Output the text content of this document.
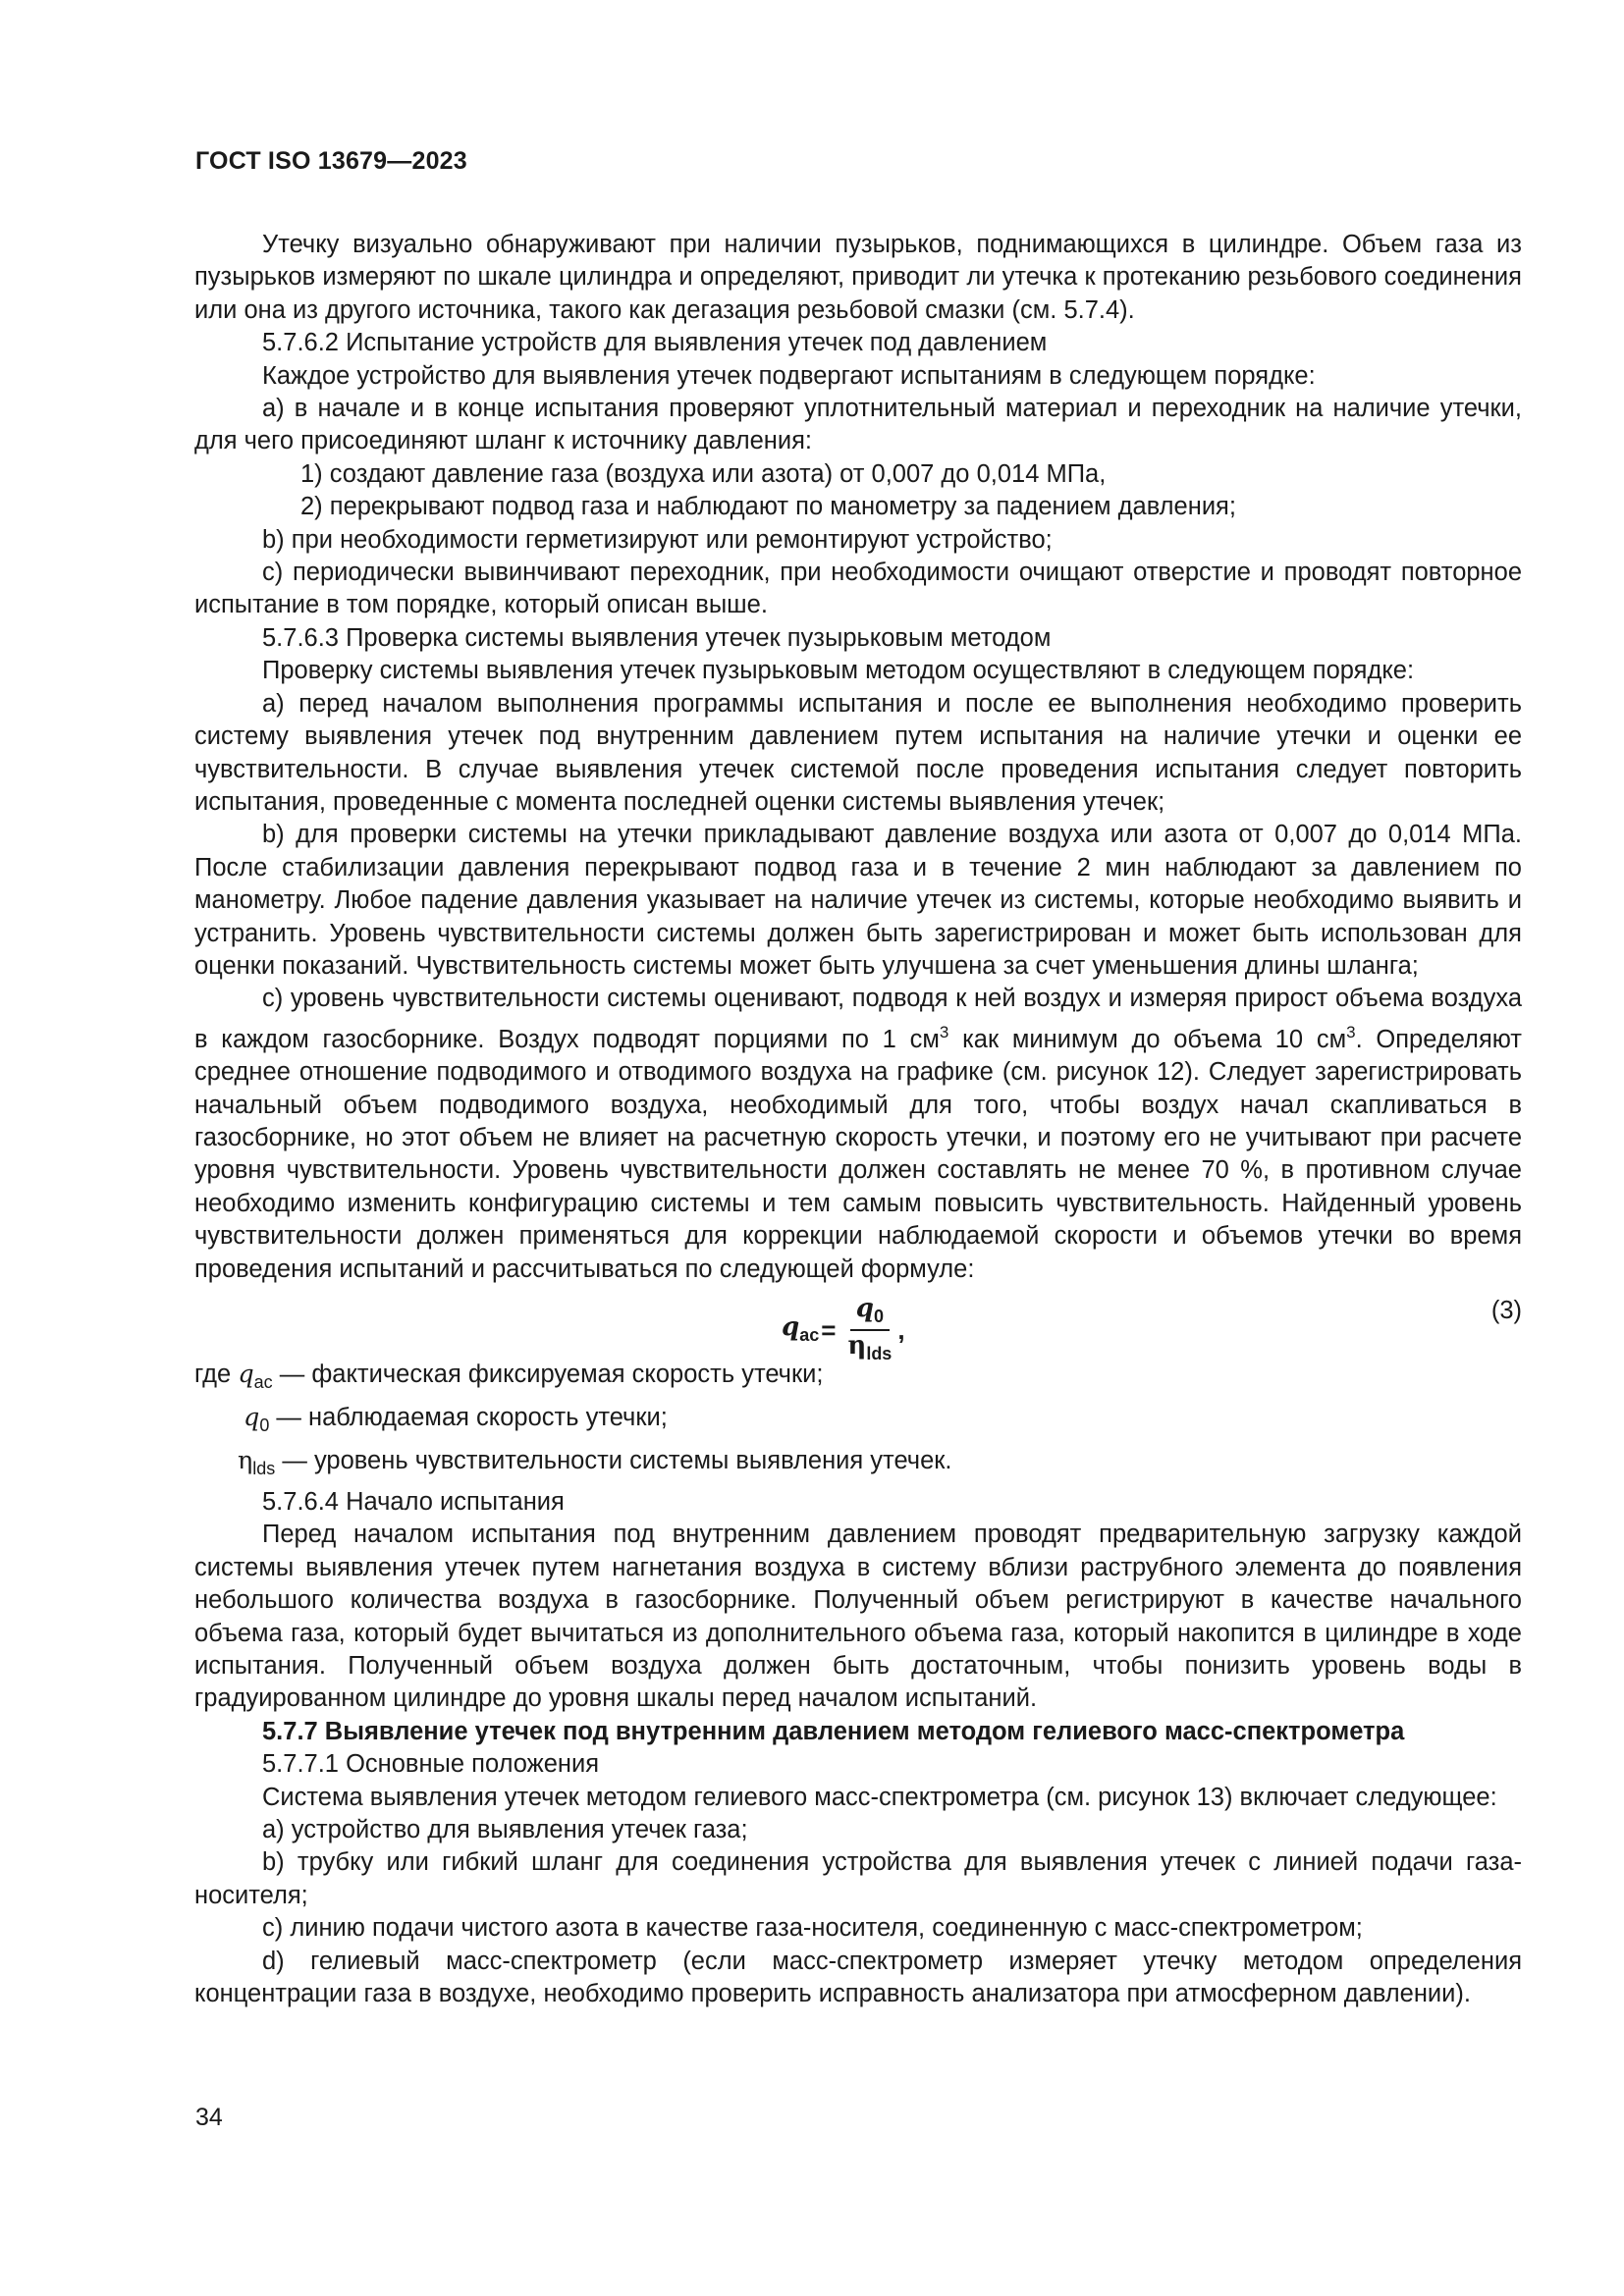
ГОСТ ISO 13679—2023

Утечку визуально обнаруживают при наличии пузырьков, поднимающихся в цилиндре. Объем газа из пузырьков измеряют по шкале цилиндра и определяют, приводит ли утечка к протеканию резьбового соединения или она из другого источника, такого как дегазация резьбовой смазки (см. 5.7.4).

5.7.6.2 Испытание устройств для выявления утечек под давлением

Каждое устройство для выявления утечек подвергают испытаниям в следующем порядке:

a) в начале и в конце испытания проверяют уплотнительный материал и переходник на наличие утечки, для чего присоединяют шланг к источнику давления:

1) создают давление газа (воздуха или азота) от 0,007 до 0,014 МПа,

2) перекрывают подвод газа и наблюдают по манометру за падением давления;

b) при необходимости герметизируют или ремонтируют устройство;

c) периодически вывинчивают переходник, при необходимости очищают отверстие и проводят повторное испытание в том порядке, который описан выше.

5.7.6.3 Проверка системы выявления утечек пузырьковым методом

Проверку системы выявления утечек пузырьковым методом осуществляют в следующем порядке:

a) перед началом выполнения программы испытания и после ее выполнения необходимо проверить систему выявления утечек под внутренним давлением путем испытания на наличие утечки и оценки ее чувствительности. В случае выявления утечек системой после проведения испытания следует повторить испытания, проведенные с момента последней оценки системы выявления утечек;

b) для проверки системы на утечки прикладывают давление воздуха или азота от 0,007 до 0,014 МПа. После стабилизации давления перекрывают подвод газа и в течение 2 мин наблюдают за давлением по манометру. Любое падение давления указывает на наличие утечек из системы, которые необходимо выявить и устранить. Уровень чувствительности системы должен быть зарегистрирован и может быть использован для оценки показаний. Чувствительность системы может быть улучшена за счет уменьшения длины шланга;

c) уровень чувствительности системы оценивают, подводя к ней воздух и измеряя прирост объема воздуха в каждом газосборнике. Воздух подводят порциями по 1 $см^3$ как минимум до объема 10 $см^3$. Определяют среднее отношение подводимого и отводимого воздуха на графике (см. рисунок 12). Следует зарегистрировать начальный объем подводимого воздуха, необходимый для того, чтобы воздух начал скапливаться в газосборнике, но этот объем не влияет на расчетную скорость утечки, и поэтому его не учитывают при расчете уровня чувствительности. Уровень чувствительности должен составлять не менее 70 %, в противном случае необходимо изменить конфигурацию системы и тем самым повысить чувствительность. Найденный уровень чувствительности должен применяться для коррекции наблюдаемой скорости и объемов утечки во время проведения испытаний и рассчитываться по следующей формуле:

$q_{ac} = \frac{q_0}{\eta_{lds}}$ ,
(3)

где $q_{ac}$ — фактическая фиксируемая скорость утечки;

$q_0$ — наблюдаемая скорость утечки;

$\eta_{lds}$ — уровень чувствительности системы выявления утечек.

5.7.6.4 Начало испытания

Перед началом испытания под внутренним давлением проводят предварительную загрузку каждой системы выявления утечек путем нагнетания воздуха в систему вблизи раструбного элемента до появления небольшого количества воздуха в газосборнике. Полученный объем регистрируют в качестве начального объема газа, который будет вычитаться из дополнительного объема газа, который накопится в цилиндре в ходе испытания. Полученный объем воздуха должен быть достаточным, чтобы понизить уровень воды в градуированном цилиндре до уровня шкалы перед началом испытаний.

5.7.7 Выявление утечек под внутренним давлением методом гелиевого масс-спектрометра

5.7.7.1 Основные положения

Система выявления утечек методом гелиевого масс-спектрометра (см. рисунок 13) включает следующее:

a) устройство для выявления утечек газа;

b) трубку или гибкий шланг для соединения устройства для выявления утечек с линией подачи газа-носителя;

c) линию подачи чистого азота в качестве газа-носителя, соединенную с масс-спектрометром;

d) гелиевый масс-спектрометр (если масс-спектрометр измеряет утечку методом определения концентрации газа в воздухе, необходимо проверить исправность анализатора при атмосферном давлении).

34
